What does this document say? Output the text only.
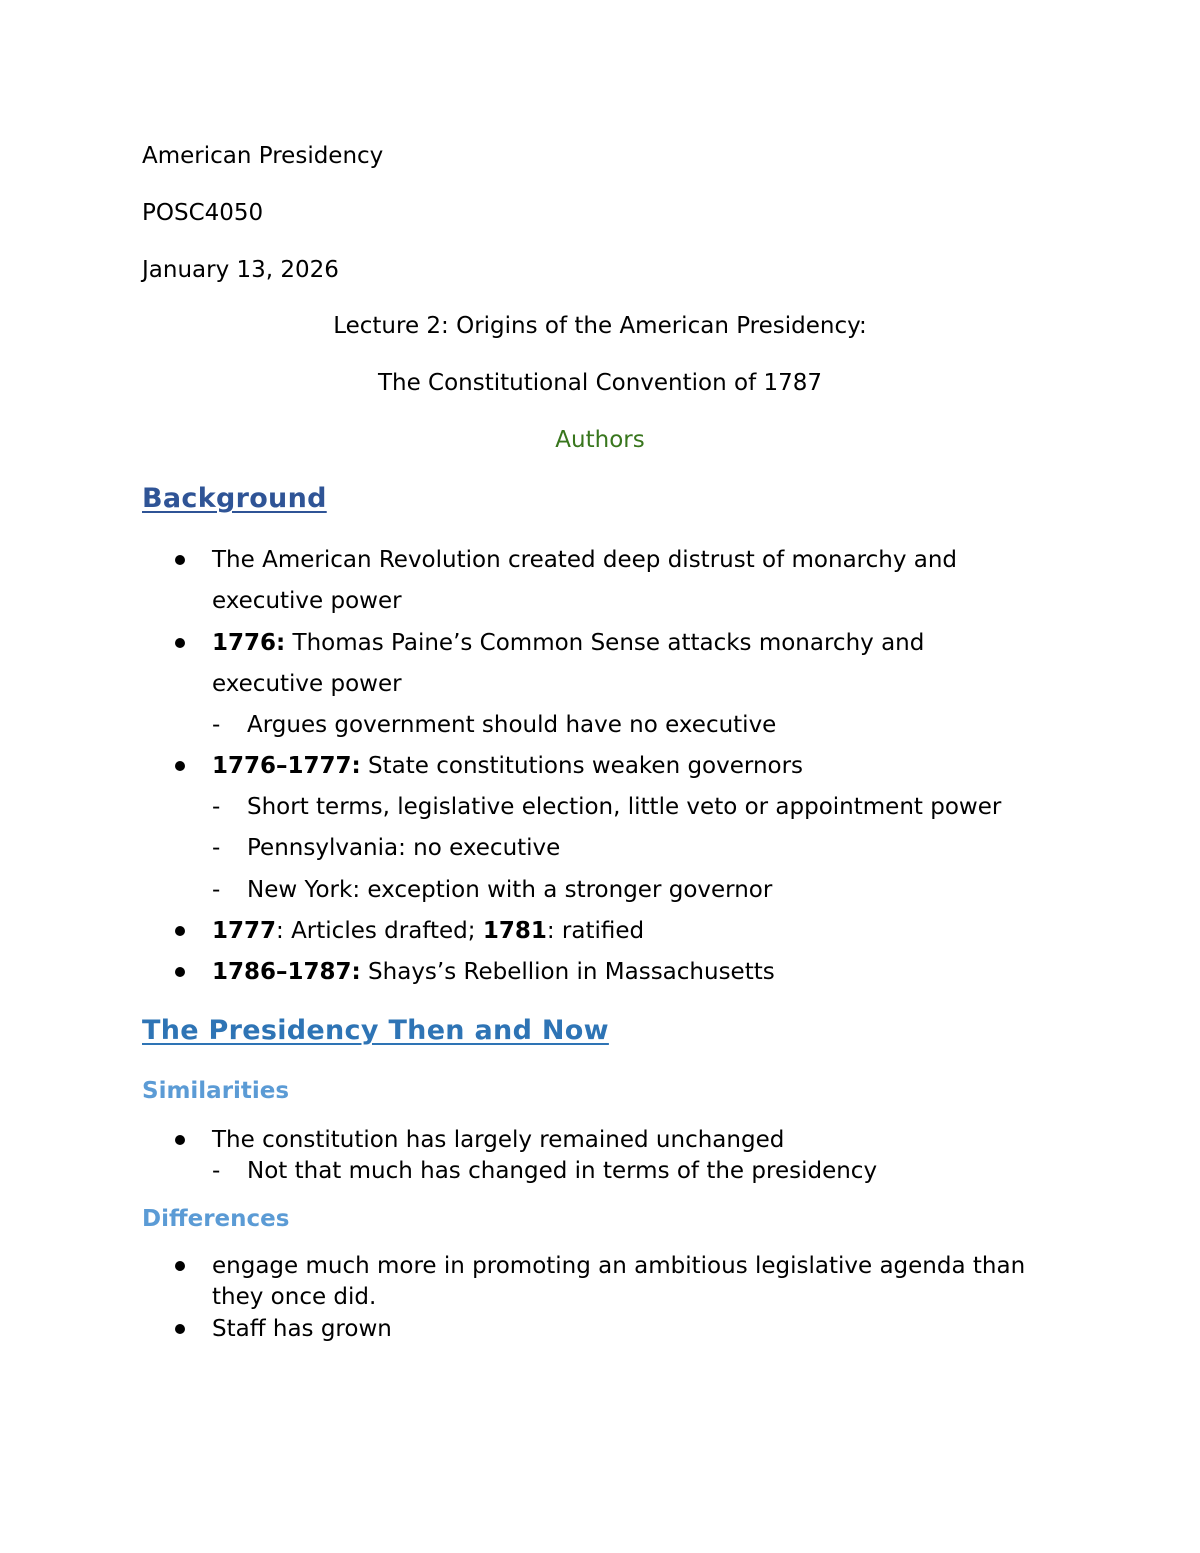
American Presidency
POSC4050
January 13, 2026
Lecture 2: Origins of the American Presidency:
The Constitutional Convention of 1787
Authors
Background
The American Revolution created deep distrust of monarchy and
executive power
1776: Thomas Paine’s Common Sense attacks monarchy and
executive power
- Argues government should have no executive
1776–1777: State constitutions weaken governors
- Short terms, legislative election, little veto or appointment power
- Pennsylvania: no executive
- New York: exception with a stronger governor
1777: Articles drafted; 1781: ratified
1786–1787: Shays’s Rebellion in Massachusetts
The Presidency Then and Now
Similarities
The constitution has largely remained unchanged
- Not that much has changed in terms of the presidency
Differences
engage much more in promoting an ambitious legislative agenda than
they once did.
Staff has grown
